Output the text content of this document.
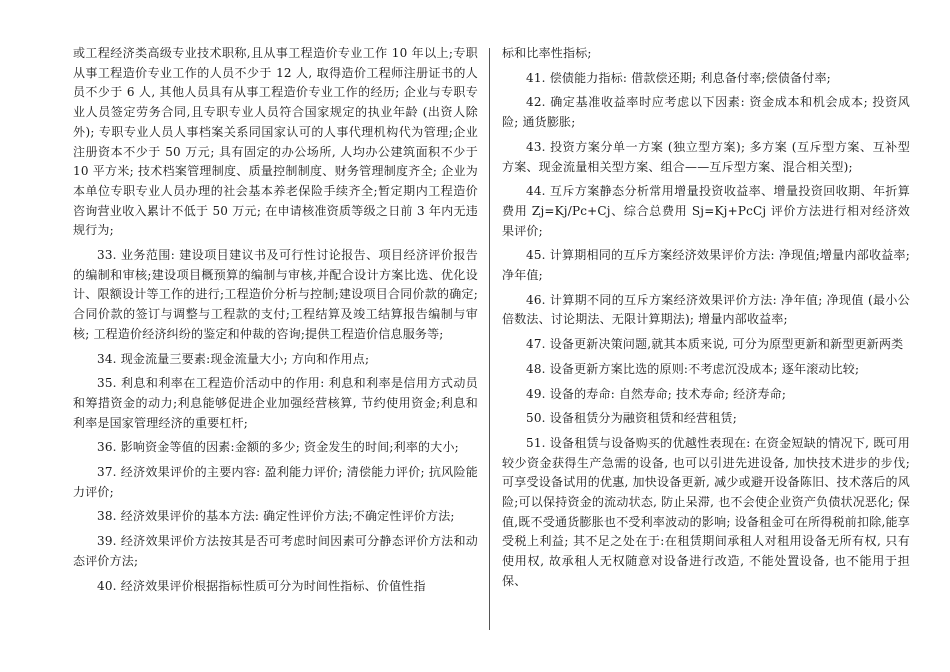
或工程经济类高级专业技术职称,且从事工程造价专业工作 10 年以上;专职从事工程造价专业工作的人员不少于 12 人, 取得造价工程师注册证书的人员不少于 6 人, 其他人员具有从事工程造价专业工作的经历; 企业与专职专业人员签定劳务合同,且专职专业人员符合国家规定的执业年龄 (出资人除外); 专职专业人员人事档案关系同国家认可的人事代理机构代为管理;企业注册资本不少于 50 万元; 具有固定的办公场所, 人均办公建筑面积不少于 10 平方米; 技术档案管理制度、质量控制制度、财务管理制度齐全; 企业为本单位专职专业人员办理的社会基本养老保险手续齐全;暂定期内工程造价咨询营业收入累计不低于 50 万元; 在申请核准资质等级之日前 3 年内无违规行为;

33. 业务范围: 建设项目建议书及可行性讨论报告、项目经济评价报告的编制和审核;建设项目概预算的编制与审核,并配合设计方案比选、优化设计、限额设计等工作的进行;工程造价分析与控制;建设项目合同价款的确定;合同价款的签订与调整与工程款的支付;工程结算及竣工结算报告编制与审核; 工程造价经济纠纷的鉴定和仲裁的咨询;提供工程造价信息服务等;

34. 现金流量三要素:现金流量大小; 方向和作用点;

35. 利息和利率在工程造价活动中的作用: 利息和利率是信用方式动员和筹措资金的动力;利息能够促进企业加强经营核算, 节约使用资金;利息和利率是国家管理经济的重要杠杆;

36. 影响资金等值的因素:金额的多少; 资金发生的时间;利率的大小;

37. 经济效果评价的主要内容: 盈利能力评价; 清偿能力评价; 抗风险能力评价;

38. 经济效果评价的基本方法: 确定性评价方法;不确定性评价方法;

39. 经济效果评价方法按其是否可考虑时间因素可分静态评价方法和动态评价方法;

40. 经济效果评价根据指标性质可分为时间性指标、价值性指

标和比率性指标;

41. 偿债能力指标: 借款偿还期; 利息备付率;偿债备付率;

42. 确定基准收益率时应考虑以下因素: 资金成本和机会成本; 投资风险; 通货膨胀;

43. 投资方案分单一方案 (独立型方案); 多方案 (互斥型方案、互补型方案、现金流量相关型方案、组合——互斥型方案、混合相关型);

44. 互斥方案静态分析常用增量投资收益率、增量投资回收期、年折算费用 Zj=Kj/Pc+Cj、综合总费用 Sj=Kj+PcCj 评价方法进行相对经济效果评价;

45. 计算期相同的互斥方案经济效果评价方法: 净现值;增量内部收益率; 净年值;

46. 计算期不同的互斥方案经济效果评价方法: 净年值; 净现值 (最小公倍数法、讨论期法、无限计算期法); 增量内部收益率;

47. 设备更新决策问题,就其本质来说, 可分为原型更新和新型更新两类

48. 设备更新方案比选的原则:不考虑沉没成本; 逐年滚动比较;

49. 设备的寿命: 自然寿命; 技术寿命; 经济寿命;

50. 设备租赁分为融资租赁和经营租赁;

51. 设备租赁与设备购买的优越性表现在: 在资金短缺的情况下, 既可用较少资金获得生产急需的设备, 也可以引进先进设备, 加快技术进步的步伐; 可享受设备试用的优惠, 加快设备更新, 减少或避开设备陈旧、技术落后的风险;可以保持资金的流动状态, 防止呆滞, 也不会使企业资产负债状况恶化; 保值,既不受通货膨胀也不受利率波动的影响; 设备租金可在所得税前扣除,能享受税上利益; 其不足之处在于:在租赁期间承租人对租用设备无所有权, 只有使用权, 故承租人无权随意对设备进行改造, 不能处置设备, 也不能用于担保、
